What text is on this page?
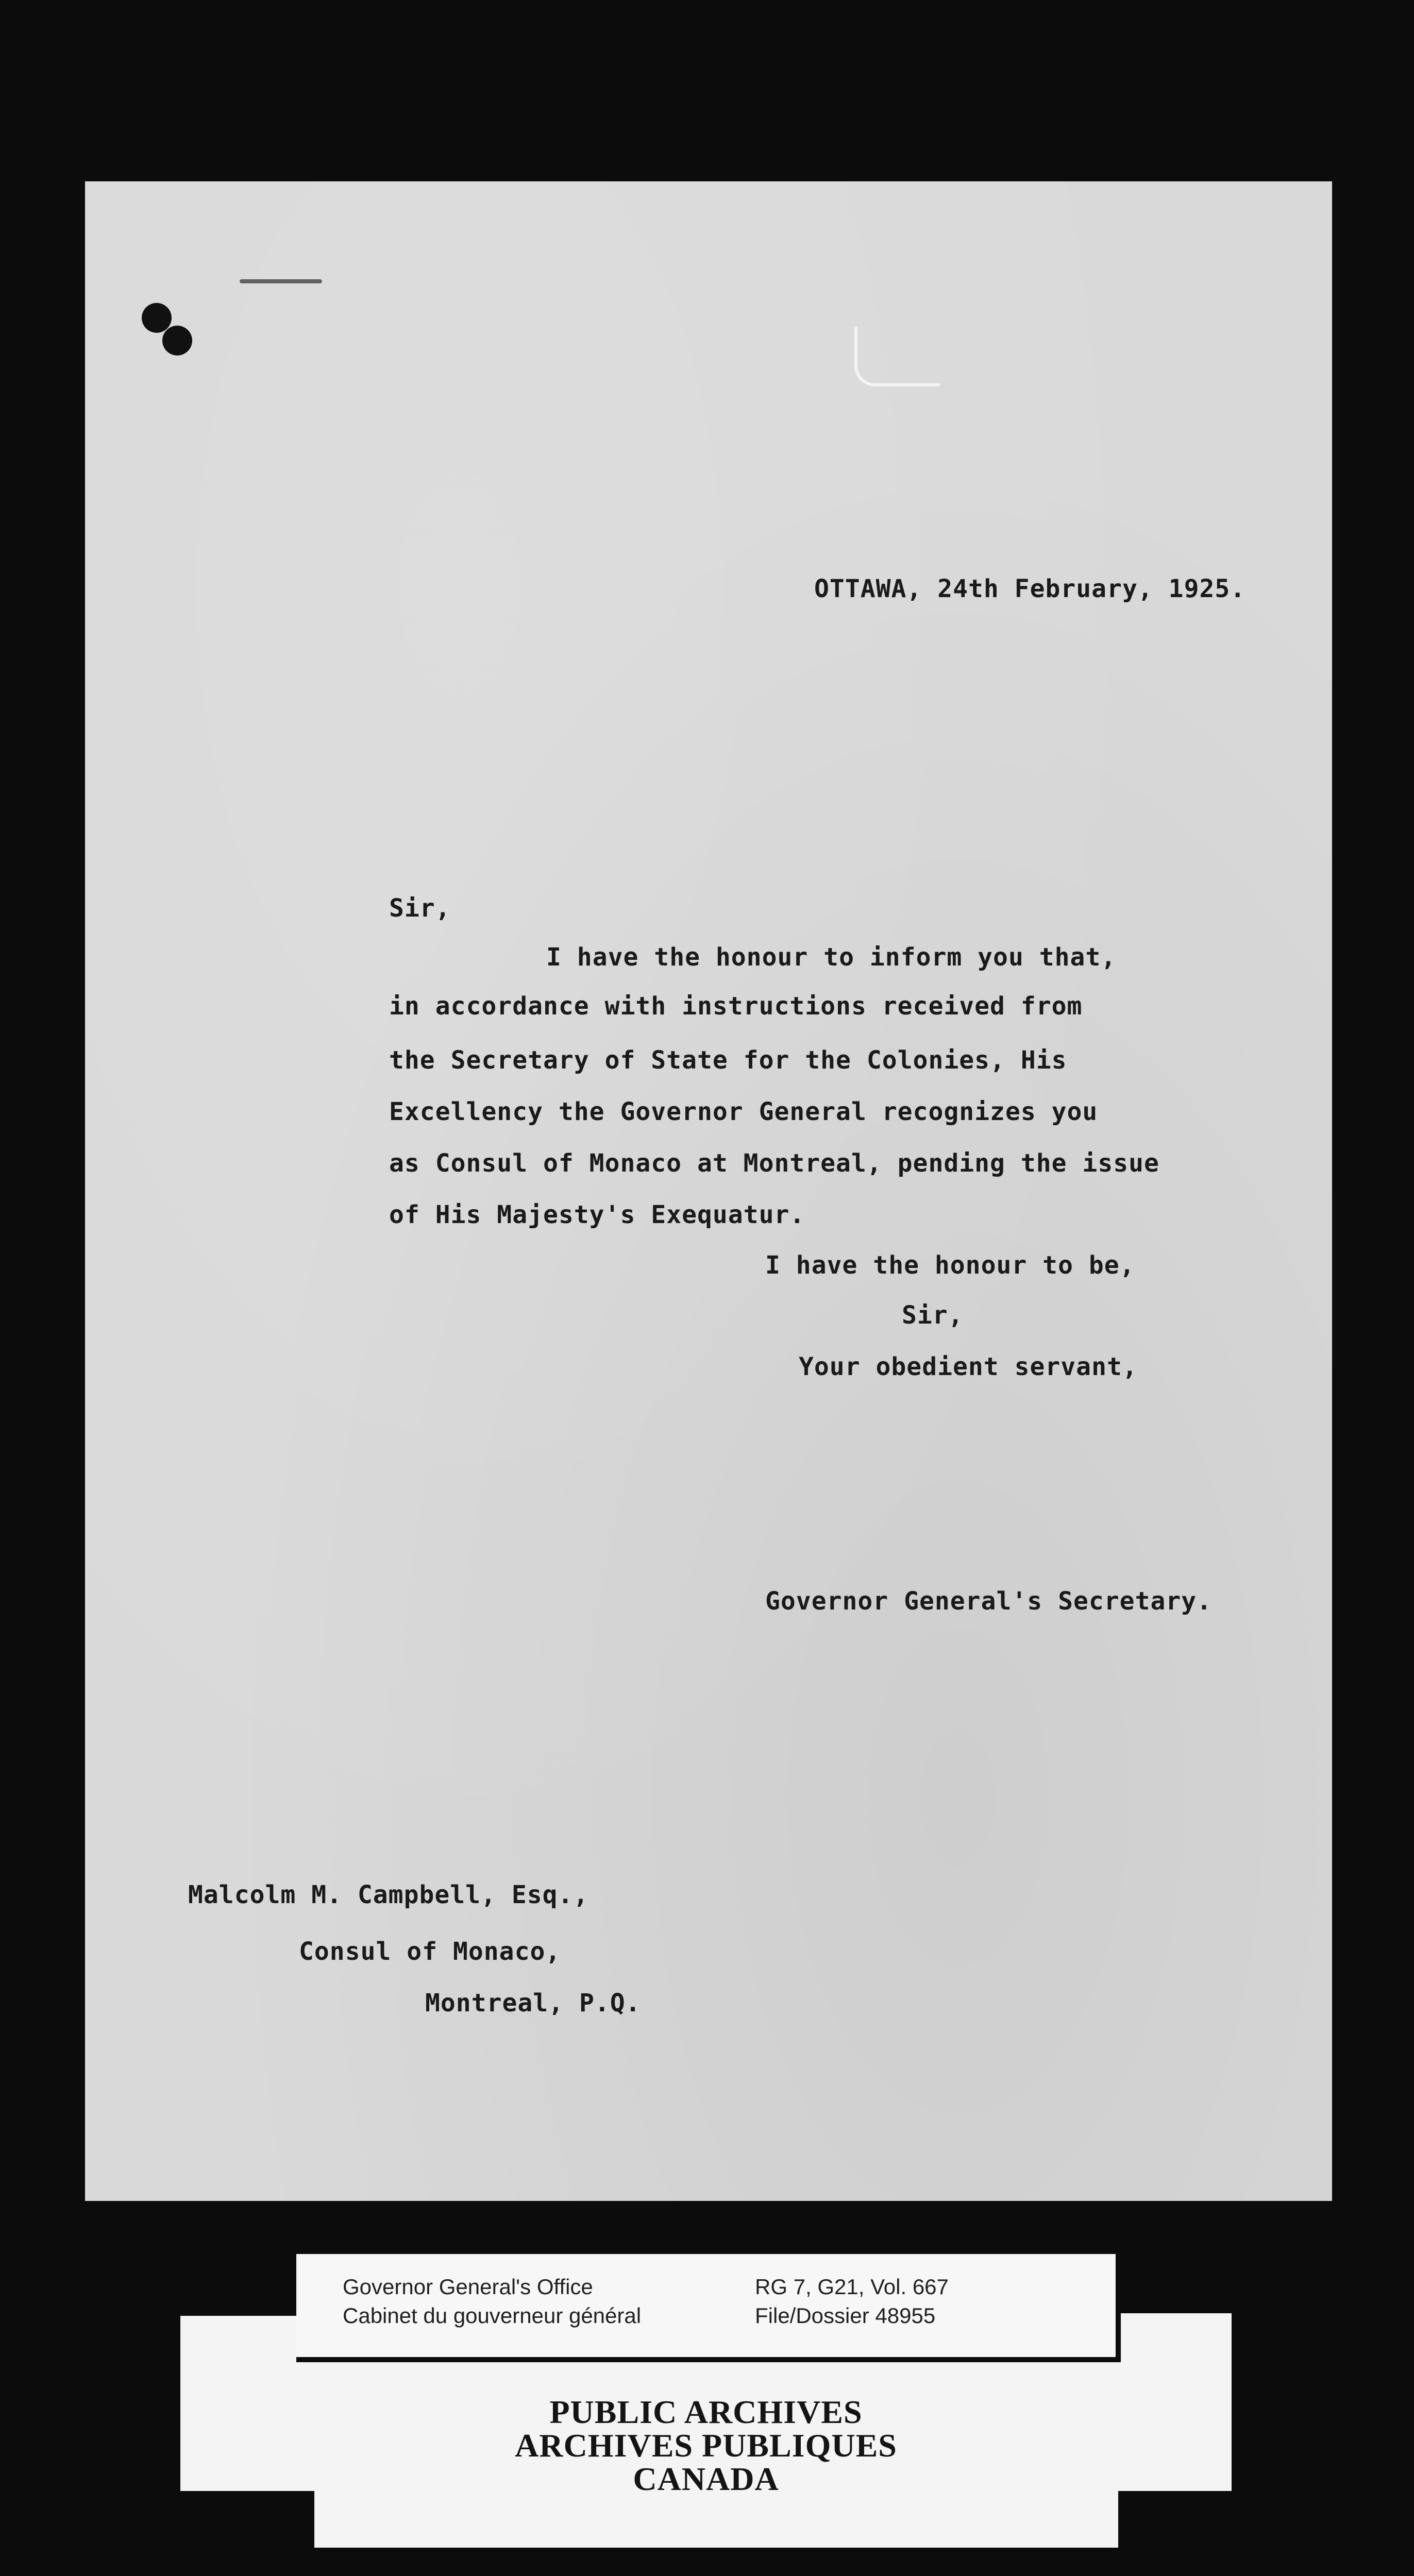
OTTAWA, 24th February, 1925.
Sir,
I have the honour to inform you that,
in accordance with instructions received from
the Secretary of State for the Colonies, His
Excellency the Governor General recognizes you
as Consul of Monaco at Montreal, pending the issue
of His Majesty's Exequatur.
I have the honour to be,
Sir,
Your obedient servant,
Governor General's Secretary.
Malcolm M. Campbell, Esq.,
Consul of Monaco,
Montreal, P.Q.
Governor General's Office
Cabinet du gouverneur général
RG 7, G21, Vol. 667
File/Dossier 48955
PUBLIC ARCHIVES
ARCHIVES PUBLIQUES
CANADA
